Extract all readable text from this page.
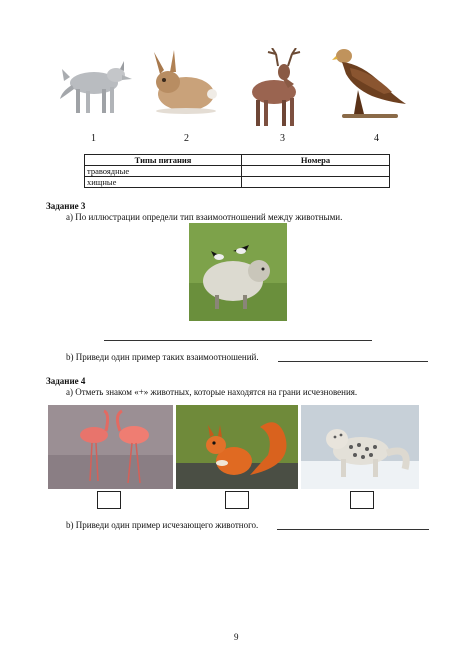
1	2	3	4
Типы питания	Номера
травоядные	
хищные	
Задание 3
a) По иллюстрации определи тип взаимоотношений между животными.
b) Приведи один пример таких взаимоотношений.
Задание 4
a) Отметь знаком «+» животных, которые находятся на грани исчезновения.
b) Приведи один пример исчезающего животного.
9
